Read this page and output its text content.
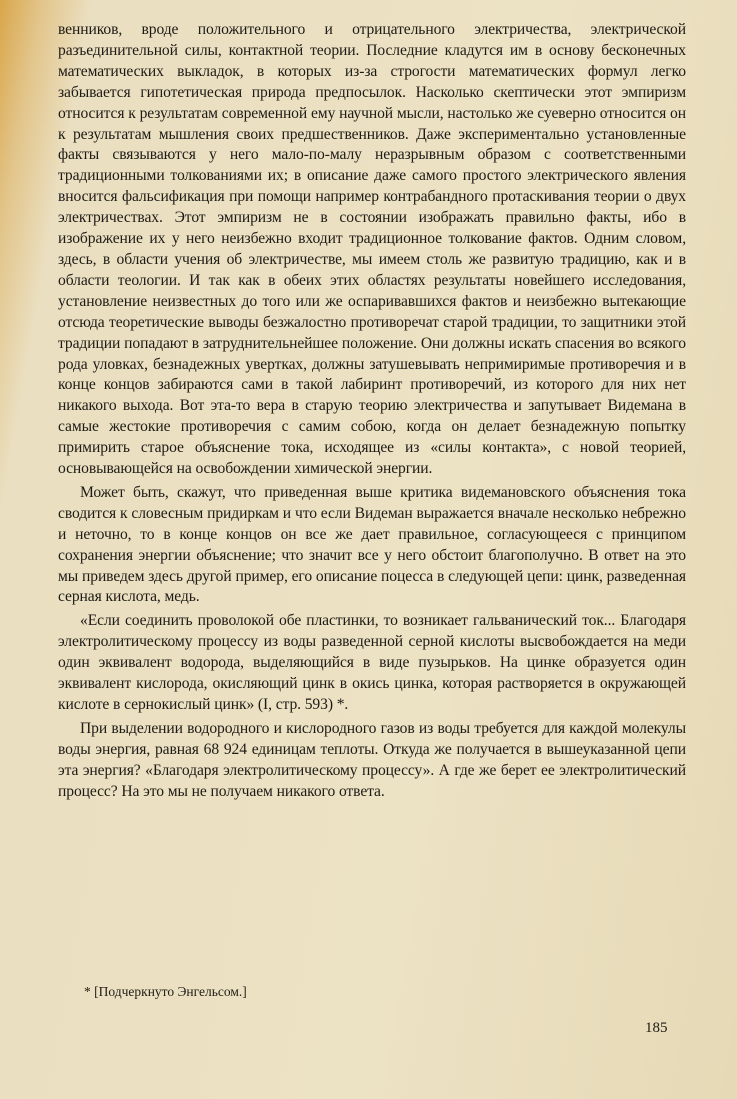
венников, вроде положительного и отрицательного электричества, электрической разъединительной силы, контактной теории. Последние кладутся им в основу бесконечных математических выкладок, в которых из-за строгости математических формул легко забывается гипотетическая природа предпосылок. Насколько скептически этот эмпиризм относится к результатам современной ему научной мысли, настолько же суеверно относится он к результатам мышления своих предшественников. Даже экспериментально установленные факты связываются у него мало-по-малу неразрывным образом с соответственными традиционными толкованиями их; в описание даже самого простого электрического явления вносится фальсификация при помощи например контрабандного протаскивания теории о двух электричествах. Этот эмпиризм не в состоянии изображать правильно факты, ибо в изображение их у него неизбежно входит традиционное толкование фактов. Одним словом, здесь, в области учения об электричестве, мы имеем столь же развитую традицию, как и в области теологии. И так как в обеих этих областях результаты новейшего исследования, установление неизвестных до того или же оспаривавшихся фактов и неизбежно вытекающие отсюда теоретические выводы безжалостно противоречат старой традиции, то защитники этой традиции попадают в затруднительнейшее положение. Они должны искать спасения во всякого рода уловках, безнадежных увертках, должны затушевывать непримиримые противоречия и в конце концов забираются сами в такой лабиринт противоречий, из которого для них нет никакого выхода. Вот эта-то вера в старую теорию электричества и запутывает Видемана в самые жестокие противоречия с самим собою, когда он делает безнадежную попытку примирить старое объяснение тока, исходящее из «силы контакта», с новой теорией, основывающейся на освобождении химической энергии.

Может быть, скажут, что приведенная выше критика видемановского объяснения тока сводится к словесным придиркам и что если Видеман выражается вначале несколько небрежно и неточно, то в конце концов он все же дает правильное, согласующееся с принципом сохранения энергии объяснение; что значит все у него обстоит благополучно. В ответ на это мы приведем здесь другой пример, его описание поцесса в следующей цепи: цинк, разведенная серная кислота, медь.

«Если соединить проволокой обе пластинки, то возникает гальванический ток... Благодаря электролитическому процессу из воды разведенной серной кислоты высвобождается на меди один эквивалент водорода, выделяющийся в виде пузырьков. На цинке образуется один эквивалент кислорода, окисляющий цинк в окись цинка, которая растворяется в окружающей кислоте в сернокислый цинк» (I, стр. 593) *.

При выделении водородного и кислородного газов из воды требуется для каждой молекулы воды энергия, равная 68 924 единицам теплоты. Откуда же получается в вышеуказанной цепи эта энергия? «Благодаря электролитическому процессу». А где же берет ее электролитический процесс? На это мы не получаем никакого ответа.

* [Подчеркнуто Энгельсом.]
185
